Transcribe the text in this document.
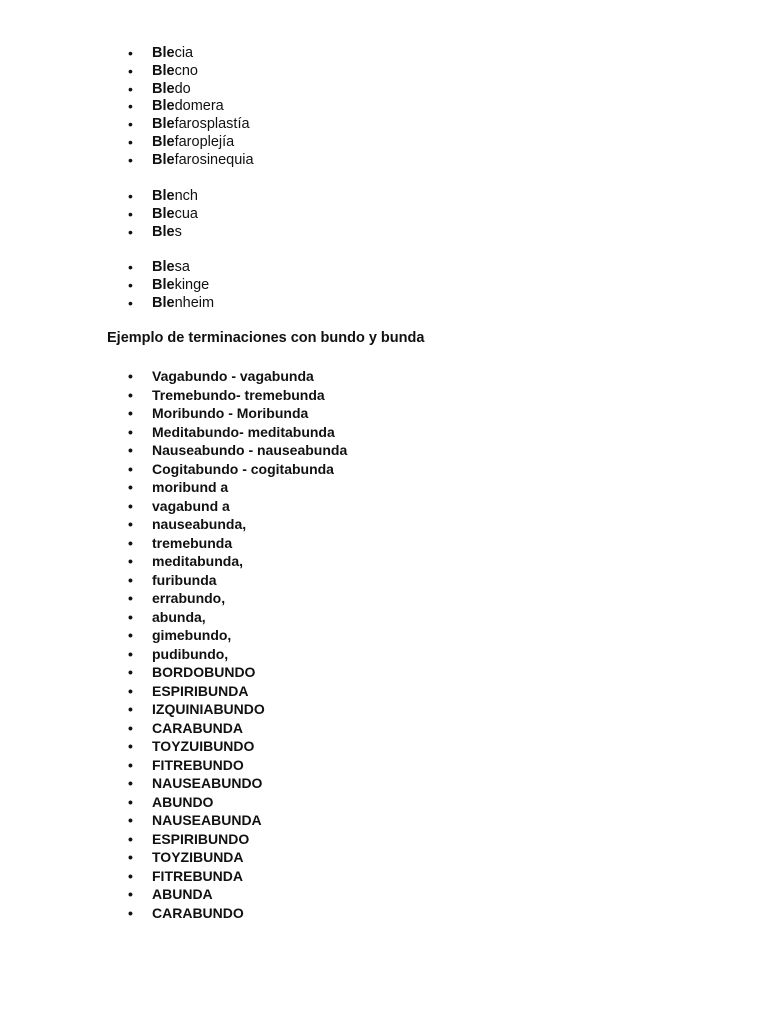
•	Blecia
•	Blecno
•	Bledo
•	Bledomera
•	Blefarosplastía
•	Blefaroplejía
•	Blefarosinequia
•	Blench
•	Blecua
•	Bles
•	Blesa
•	Blekinge
•	Blenheim
Ejemplo de terminaciones con bundo y bunda
•	Vagabundo - vagabunda
•	Tremebundo- tremebunda
•	Moribundo - Moribunda
•	Meditabundo- meditabunda
•	Nauseabundo - nauseabunda
•	Cogitabundo - cogitabunda
•	moribund a
•	vagabund a
•	nauseabunda,
•	tremebunda
•	meditabunda,
•	furibunda
•	errabundo,
•	abunda,
•	gimebundo,
•	pudibundo,
•	BORDOBUNDO
•	ESPIRIBUNDA
•	IZQUINIABUNDO
•	CARABUNDA
•	TOYZUIBUNDO
•	FITREBUNDO
•	NAUSEABUNDO
•	ABUNDO
•	NAUSEABUNDA
•	ESPIRIBUNDO
•	TOYZIBUNDA
•	FITREBUNDA
•	ABUNDA
•	CARABUNDO
